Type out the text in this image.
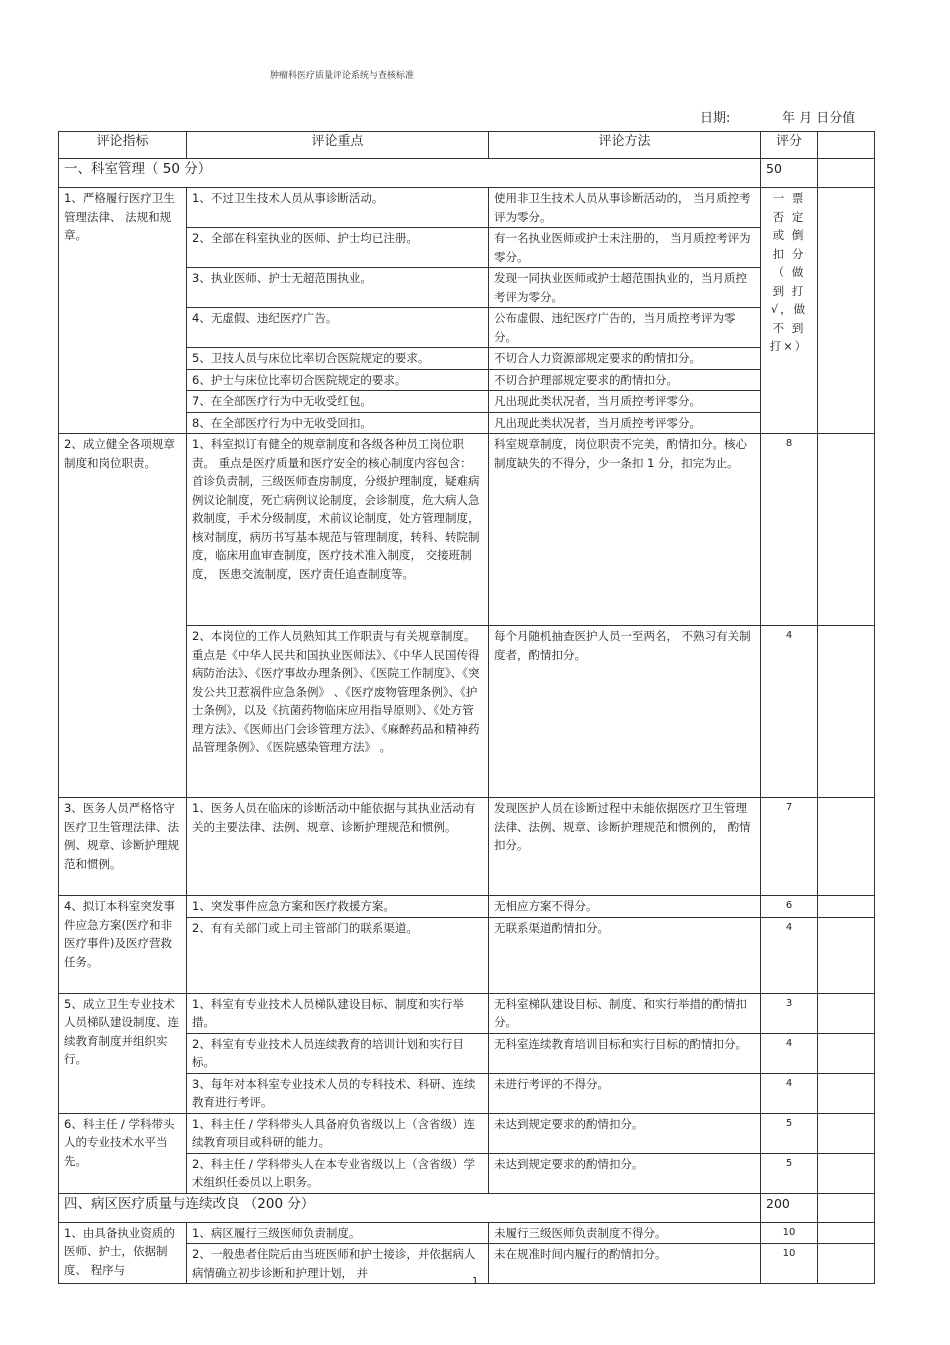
肿瘤科医疗质量评论系统与查核标准
日期:	年 月 日分值
评论指标	评论重点	评论方法	评分	
一、科室管理（ 50 分）			50	
1、严格履行医疗卫生管理法律、 法规和规章。	1、不过卫生技术人员从事诊断活动。	使用非卫生技术人员从事诊断活动的， 当月质控考评为零分。	一 票 否 定 或 倒 扣 分 （ 做 到 打 √，做 不 到 打×）	
	2、全部在科室执业的医师、护士均已注册。	有一名执业医师或护士未注册的， 当月质控考评为零分。		
	3、执业医师、护士无超范围执业。	发现一同执业医师或护士超范围执业的，当月质控考评为零分。		
	4、无虚假、违纪医疗广告。	公布虚假、违纪医疗广告的，当月质控考评为零分。		
	5、卫技人员与床位比率切合医院规定的要求。	不切合人力资源部规定要求的酌情扣分。		
	6、护士与床位比率切合医院规定的要求。	不切合护理部规定要求的酌情扣分。		
	7、在全部医疗行为中无收受红包。	凡出现此类状况者，当月质控考评零分。		
	8、在全部医疗行为中无收受回扣。	凡出现此类状况者，当月质控考评零分。		
2、成立健全各项规章制度和岗位职责。	1、科室拟订有健全的规章制度和各级各种员工岗位职责。 重点是医疗质量和医疗安全的核心制度内容包含：首诊负责制，三级医师查房制度，分级护理制度，疑难病例议论制度，死亡病例议论制度，会诊制度，危大病人急救制度，手术分级制度，术前议论制度，处方管理制度，核对制度，病历书写基本规范与管理制度，转科、转院制度，临床用血审查制度，医疗技术准入制度， 交接班制度， 医患交流制度，医疗责任追查制度等。	科室规章制度，岗位职责不完美，酌情扣分。核心制度缺失的不得分，少一条扣 1 分，扣完为止。	8	
	2、本岗位的工作人员熟知其工作职责与有关规章制度。重点是《中华人民共和国执业医师法》、《中华人民国传得病防治法》、《医疗事故办理条例》、《医院工作制度》、《突发公共卫惹祸件应急条例》 、《医疗废物管理条例》、《护士条例》，以及《抗菌药物临床应用指导原则》、《处方管理方法》、《医师出门会诊管理方法》、《麻醉药品和精神药品管理条例》、《医院感染管理方法》 。	每个月随机抽查医护人员一至两名， 不熟习有关制度者，酌情扣分。	4	
3、医务人员严格恪守医疗卫生管理法律、法例、规章、诊断护理规范和惯例。	1、医务人员在临床的诊断活动中能依据与其执业活动有关的主要法律、法例、规章、诊断护理规范和惯例。	发现医护人员在诊断过程中未能依据医疗卫生管理法律、法例、规章、诊断护理规范和惯例的， 酌情扣分。	7	
4、拟订本科室突发事件应急方案(医疗和非医疗事件)及医疗营救任务。	1、突发事件应急方案和医疗救援方案。	无相应方案不得分。	6	
	2、有有关部门或上司主管部门的联系渠道。	无联系渠道酌情扣分。	4	
5、成立卫生专业技术人员梯队建设制度、连续教育制度并组织实行。	1、科室有专业技术人员梯队建设目标、制度和实行举措。	无科室梯队建设目标、制度、和实行举措的酌情扣分。	3	
	2、科室有专业技术人员连续教育的培训计划和实行目标。	无科室连续教育培训目标和实行目标的酌情扣分。	4	
	3、每年对本科室专业技术人员的专科技术、科研、连续教育进行考评。	未进行考评的不得分。	4	
6、科主任 / 学科带头人的专业技术水平当先。	1、科主任 / 学科带头人具备府负省级以上（含省级）连续教育项目或科研的能力。	未达到规定要求的酌情扣分。	5	
	2、科主任 / 学科带头人在本专业省级以上（含省级）学术组织任委员以上职务。	未达到规定要求的酌情扣分。	5	
四、病区医疗质量与连续改良 （200 分）			200	
1、由具备执业资质的医师、护士，依据制度、 程序与	1、病区履行三级医师负责制度。	未履行三级医师负责制度不得分。	10	
	2、一般患者住院后由当班医师和护士接诊，并依据病人病情确立初步诊断和护理计划， 并	未在规准时间内履行的酌情扣分。	10	
1
